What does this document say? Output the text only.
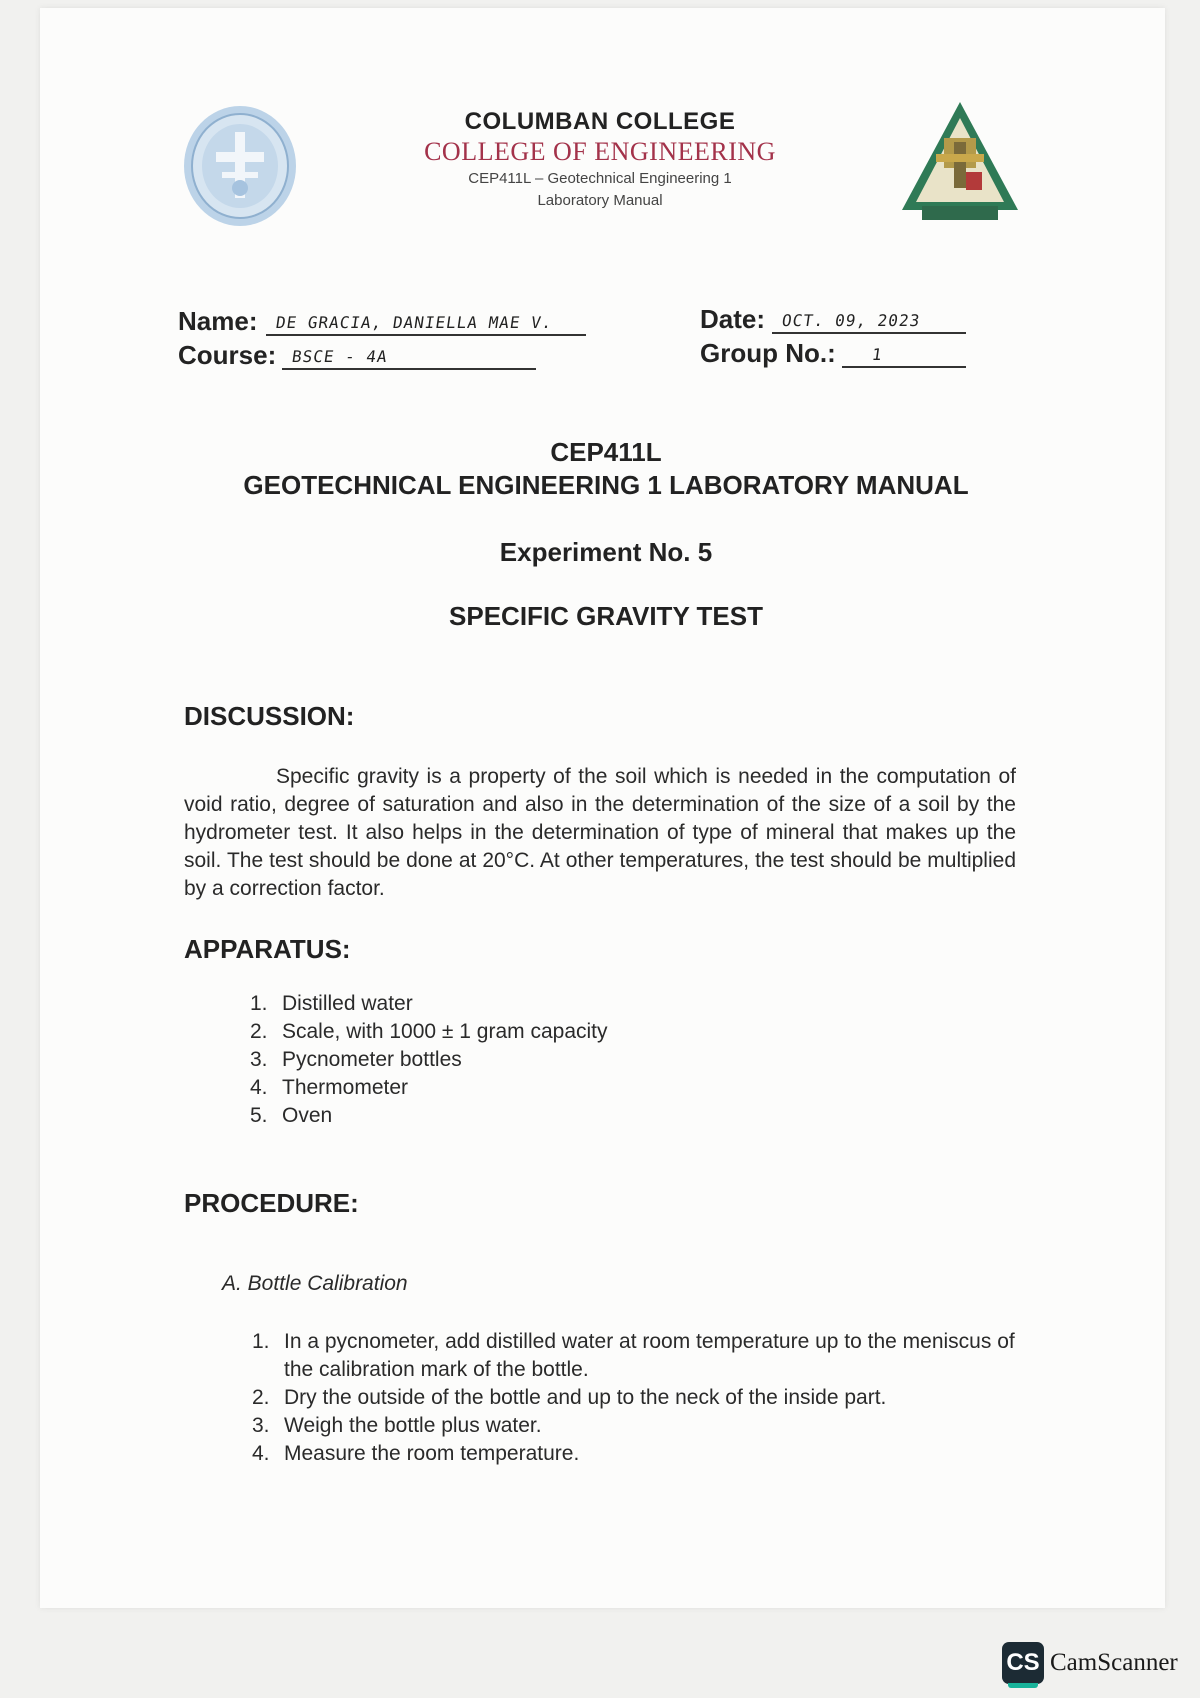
COLUMBAN COLLEGE
COLLEGE OF ENGINEERING
CEP411L – Geotechnical Engineering 1
Laboratory Manual
Name: DE GRACIA, DANIELLA MAE V.
Course: BSCE - 4A
Date: OCT. 09, 2023
Group No.: 1
CEP411L
GEOTECHNICAL ENGINEERING 1 LABORATORY MANUAL
Experiment No. 5
SPECIFIC GRAVITY TEST
DISCUSSION:
Specific gravity is a property of the soil which is needed in the computation of void ratio, degree of saturation and also in the determination of the size of a soil by the hydrometer test. It also helps in the determination of type of mineral that makes up the soil. The test should be done at 20°C. At other temperatures, the test should be multiplied by a correction factor.
APPARATUS:
1. Distilled water
2. Scale, with 1000 ± 1 gram capacity
3. Pycnometer bottles
4. Thermometer
5. Oven
PROCEDURE:
A. Bottle Calibration
1. In a pycnometer, add distilled water at room temperature up to the meniscus of the calibration mark of the bottle.
2. Dry the outside of the bottle and up to the neck of the inside part.
3. Weigh the bottle plus water.
4. Measure the room temperature.
CS CamScanner
